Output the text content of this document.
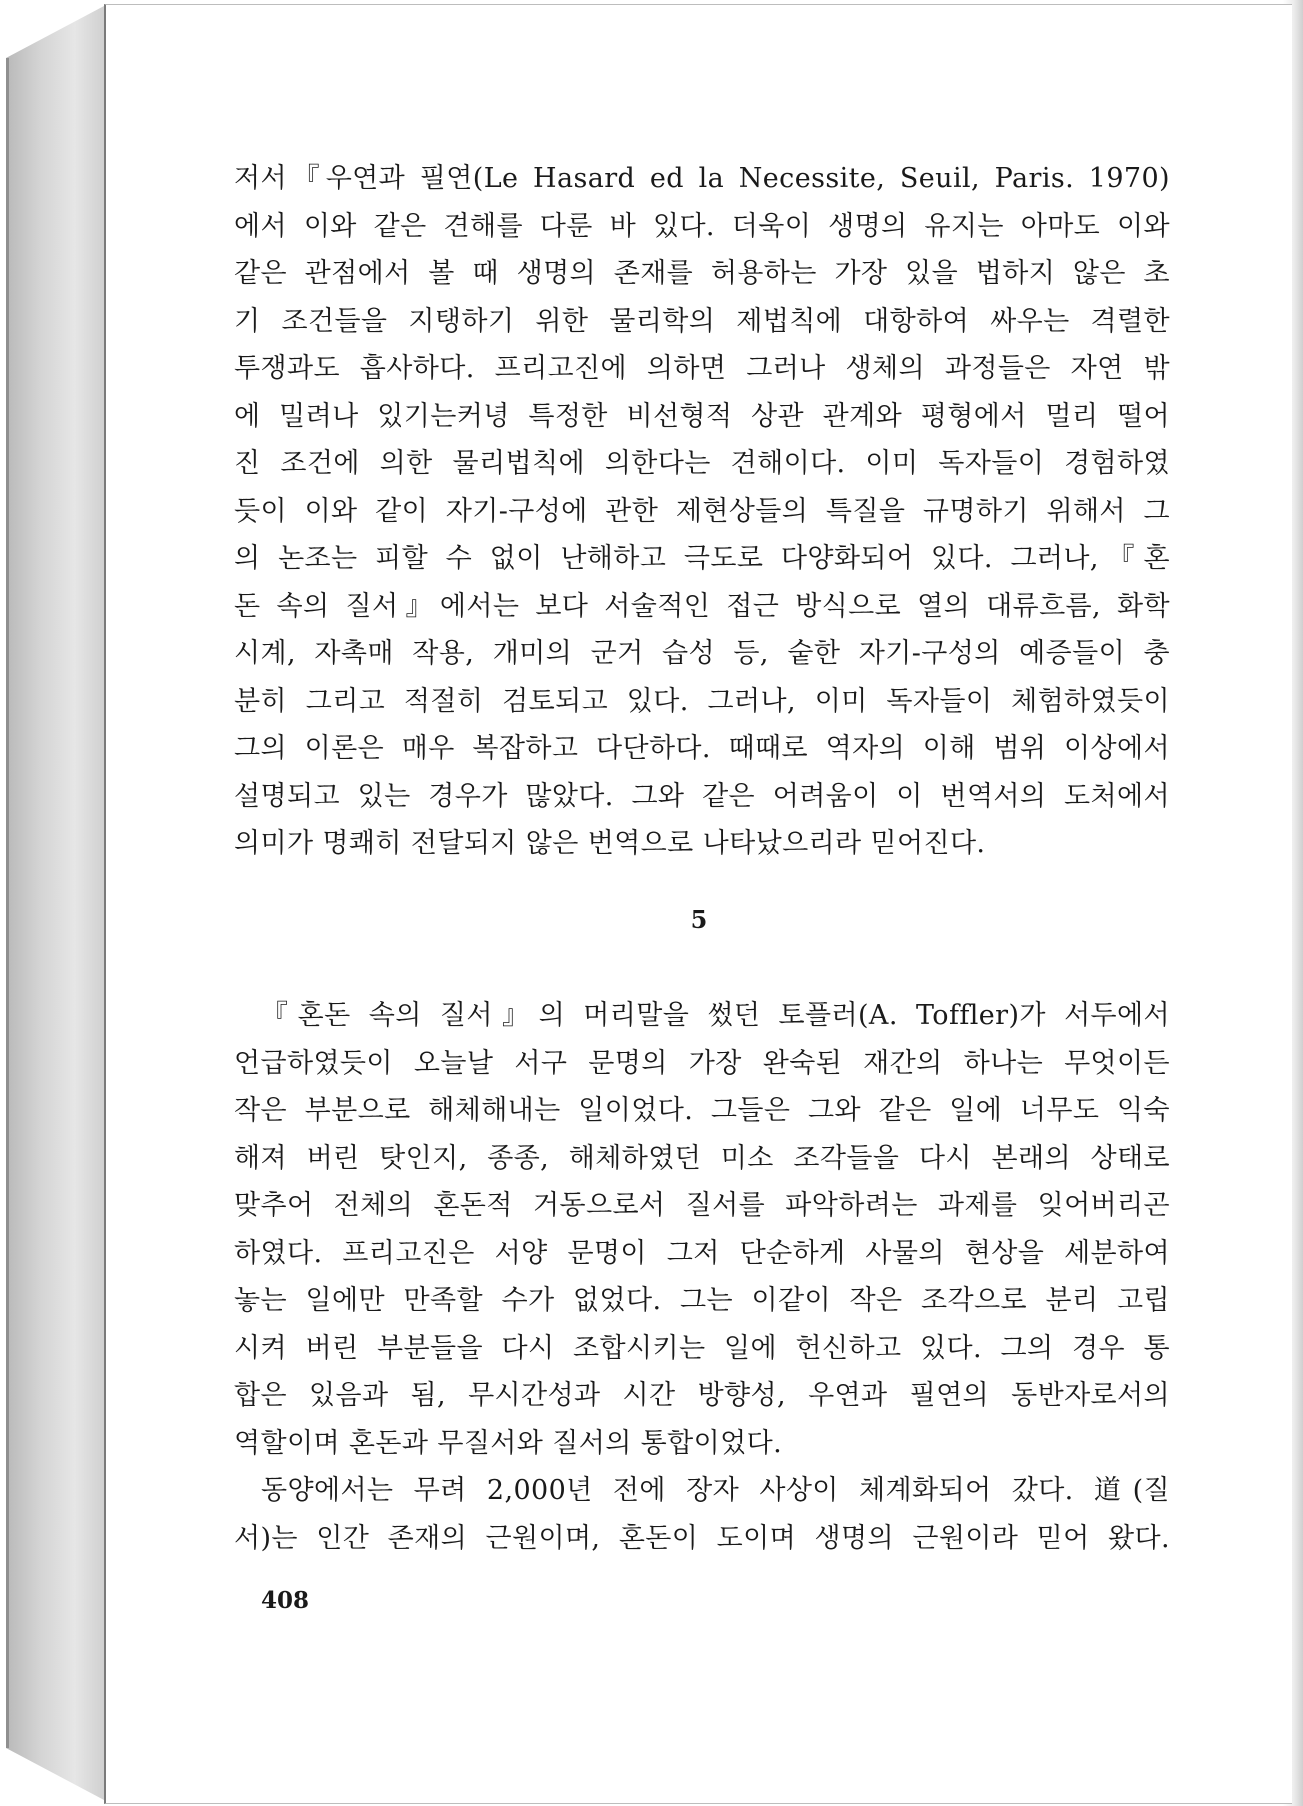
저서『우연과 필연(Le Hasard ed la Necessite, Seuil, Paris. 1970)
에서 이와 같은 견해를 다룬 바 있다. 더욱이 생명의 유지는 아마도 이와
같은 관점에서 볼 때 생명의 존재를 허용하는 가장 있을 법하지 않은 초
기 조건들을 지탱하기 위한 물리학의 제법칙에 대항하여 싸우는 격렬한
투쟁과도 흡사하다. 프리고진에 의하면 그러나 생체의 과정들은 자연 밖
에 밀려나 있기는커녕 특정한 비선형적 상관 관계와 평형에서 멀리 떨어
진 조건에 의한 물리법칙에 의한다는 견해이다. 이미 독자들이 경험하였
듯이 이와 같이 자기-구성에 관한 제현상들의 특질을 규명하기 위해서 그
의 논조는 피할 수 없이 난해하고 극도로 다양화되어 있다. 그러나,『혼
돈 속의 질서』에서는 보다 서술적인 접근 방식으로 열의 대류흐름, 화학
시계, 자촉매 작용, 개미의 군거 습성 등, 숱한 자기-구성의 예증들이 충
분히 그리고 적절히 검토되고 있다. 그러나, 이미 독자들이 체험하였듯이
그의 이론은 매우 복잡하고 다단하다. 때때로 역자의 이해 범위 이상에서
설명되고 있는 경우가 많았다. 그와 같은 어려움이 이 번역서의 도처에서
의미가 명쾌히 전달되지 않은 번역으로 나타났으리라 믿어진다.
5
『혼돈 속의 질서』의 머리말을 썼던 토플러(A. Toffler)가 서두에서
언급하였듯이 오늘날 서구 문명의 가장 완숙된 재간의 하나는 무엇이든
작은 부분으로 해체해내는 일이었다. 그들은 그와 같은 일에 너무도 익숙
해져 버린 탓인지, 종종, 해체하였던 미소 조각들을 다시 본래의 상태로
맞추어 전체의 혼돈적 거동으로서 질서를 파악하려는 과제를 잊어버리곤
하였다. 프리고진은 서양 문명이 그저 단순하게 사물의 현상을 세분하여
놓는 일에만 만족할 수가 없었다. 그는 이같이 작은 조각으로 분리 고립
시켜 버린 부분들을 다시 조합시키는 일에 헌신하고 있다. 그의 경우 통
합은 있음과 됨, 무시간성과 시간 방향성, 우연과 필연의 동반자로서의
역할이며 혼돈과 무질서와 질서의 통합이었다.
동양에서는 무려 2,000년 전에 장자 사상이 체계화되어 갔다. 道(질
서)는 인간 존재의 근원이며, 혼돈이 도이며 생명의 근원이라 믿어 왔다.
408
